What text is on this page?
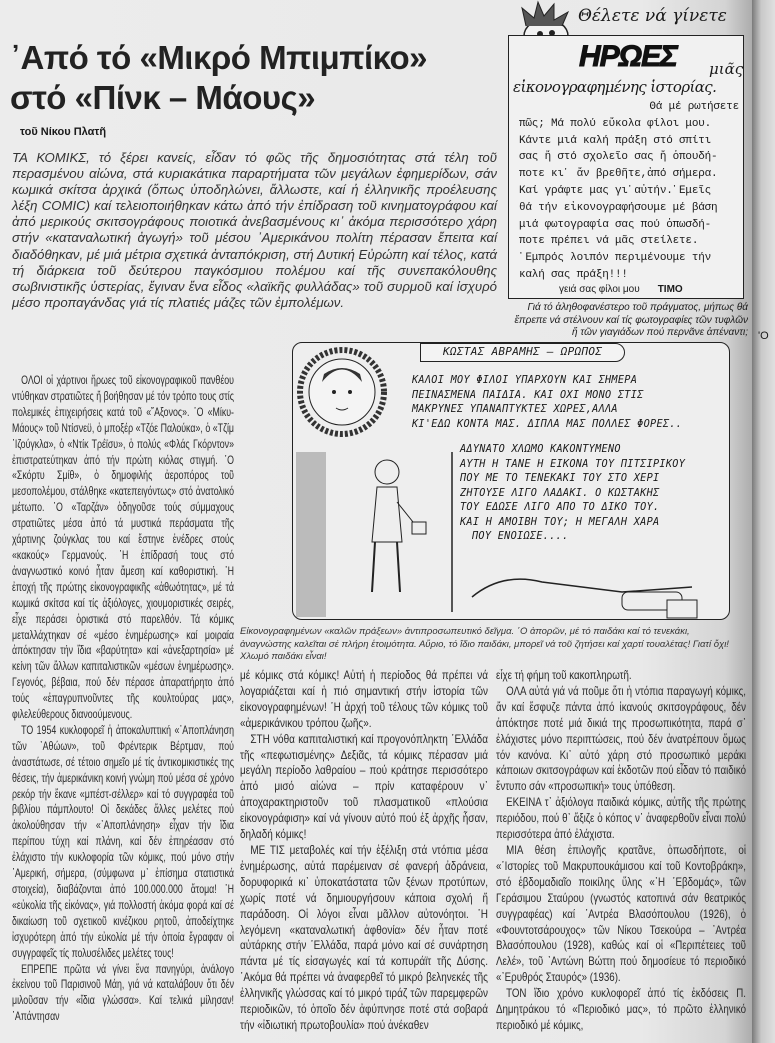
᾿Από τό «Μικρό Μπιμπίκο»
στό «Πίνκ – Μάους»
τοῦ Νίκου Πλατῆ
ΤΑ ΚΟΜΙΚΣ, τό ξέρει κανείς, εἶδαν τό φῶς τῆς δημοσιότητας στά τέλη τοῦ περασμένου αἰώνα, στά κυριακάτικα παραρτήματα τῶν μεγάλων ἐφημερίδων, σάν κωμικά σκίτσα ἀρχικά (ὅπως ὑποδηλώνει, ἄλλωστε, καί ἡ ἐλληνικῆς προέλευσης λέξη COMIC) καί τελειοποιήθηκαν κάτω ἀπό τήν ἐπίδραση τοῦ κινηματογράφου καί ἀπό μερικούς σκιτσογράφους ποιοτικά ἀνεβασμένους κι᾿ ἀκόμα περισσότερο χάρη στήν «καταναλωτική ἀγωγή» τοῦ μέσου ᾿Αμερικάνου πολίτη πέρασαν ἔπειτα καί διαδόθηκαν, μέ μιά μέτρια σχετικά ἀνταπόκριση, στή Δυτική Εὐρώπη καί τέλος, κατά τή διάρκεια τοῦ δεύτερου παγκόσμιου πολέμου καί τῆς συνεπακόλουθης σωβινιστικῆς ὑστερίας, ἔγιναν ἕνα εἶδος «λαϊκῆς φυλλάδας» τοῦ συρμοῦ καί ἰσχυρό μέσο προπαγάνδας γιά τίς πλατιές μάζες τῶν ἐμπολέμων.
Θέλετε νά γίνετε
ΗΡΩΕΣ μιᾶς
εἰκονογραφημένης ἱστορίας.
Θά μέ ρωτήσετε
πῶς; Μά πολύ εὔκολα φίλοι μου.
Κάντε μιά καλή πράξη στό σπίτι
σας ἤ στό σχολεῖο σας ἤ ὁπουδή-
ποτε κι᾿ ἄν βρεθῆτε,ἀπό σήμερα.
Καί γράφτε μας γι᾿αὐτήν.᾿Εμεῖς
θά τήν εἰκονογραφήσουμε μέ βάση
μιά φωτογραφία σας πού ὁπωσδή-
ποτε πρέπει νά μᾶς στείλετε.
᾿Εμπρός λοιπόν περιμένουμε τήν
καλή σας πράξη!!!
γειά σας φίλοι μου TIMO
Γιά τό ἀληθοφανέστερο τοῦ πράγματος, μήπως θά ἔπρεπε νά στέλνουν καί τίς φωτογραφίες τῶν τυφλῶν ἤ τῶν γιαγιάδων πού περνᾶνε ἀπέναντι;
ΚΩΣΤΑΣ ΑΒΡΑΜΗΣ – ΩΡΩΠΟΣ
ΚΑΛΟΙ ΜΟΥ ΦΙΛΟΙ ΥΠΑΡΧΟΥΝ ΚΑΙ ΣΗΜΕΡΑ
ΠΕΙΝΑΣΜΕΝΑ ΠΑΙΔΙΑ. ΚΑΙ ΟΧΙ ΜΟΝΟ ΣΤΙΣ
ΜΑΚΡΥΝΕΣ ΥΠΑΝΑΠΤΥΚΤΕΣ ΧΩΡΕΣ,ΑΛΛΑ
ΚΙ'ΕΔΩ ΚΟΝΤΑ ΜΑΣ. ΔΙΠΛΑ ΜΑΣ ΠΟΛΛΕΣ ΦΟΡΕΣ..
ΑΔΥΝΑΤΟ ΧΛΩΜΟ ΚΑΚΟΝΤΥΜΕΝΟ
ΑΥΤΗ Η ΤΑΝΕ Η ΕΙΚΟΝΑ ΤΟΥ ΠΙΤΣΙΡΙΚΟΥ
ΠΟΥ ΜΕ ΤΟ ΤΕΝΕΚΑΚΙ ΤΟΥ ΣΤΟ ΧΕΡΙ
ΖΗΤΟΥΣΕ ΛΙΓΟ ΛΑΔΑΚΙ. Ο ΚΩΣΤΑΚΗΣ
ΤΟΥ ΕΔΩΣΕ ΛΙΓΟ ΑΠΟ ΤΟ ΔΙΚΟ ΤΟΥ.
ΚΑΙ Η ΑΜΟΙΒΗ ΤΟΥ; Η ΜΕΓΑΛΗ ΧΑΡΑ
ΠΟΥ ΕΝΟΙΩΣΕ....
Εἰκονογραφημένων «καλῶν πράξεων» ἀντιπροσωπευτικό δεῖγμα. ῾Ο ἀπορῶν, μέ τό παιδάκι καί τό τενεκάκι, ἀναγνώστης καλεῖται σέ πλήρη ἑτοιμότητα. Αὔριο, τό ἴδιο παιδάκι, μπορεῖ νά τοῦ ζητήσει καί χαρτί τουαλέτας! Γιατί ὄχι! Χλωμό παιδάκι εἶναι!

ΟΛΟΙ οἱ χάρτινοι ἥρωες τοῦ εἰκονογραφικοῦ πανθέου ντύθηκαν στρατιῶτες ἤ βοήθησαν μέ τόν τρόπο τους στίς πολεμικές ἐπιχειρήσεις κατά τοῦ «῎Αξονος». ῾Ο «Μίκυ-Μάους» τοῦ Ντίσνεϋ, ὁ μποξέρ «Τζόε Παλούκα», ὁ «Τζίμ ᾿Ιζούγκλα», ὁ «Ντίκ Τρέϊσυ», ὁ πολύς «Φλάς Γκόρντον» ἐπιστρατεύτηκαν ἀπό τήν πρώτη κιόλας στιγμή. ῾Ο «Σκόρτυ Σμίθ», ὁ δημοφιλής ἀεροπόρος τοῦ μεσοπολέμου, στάλθηκε «κατεπειγόντως» στό ἀνατολικό μέτωπο. ῾Ο «Ταρζάν» ὁδηγοῦσε τούς σύμμαχους στρατιῶτες μέσα ἀπό τά μυστικά περάσματα τῆς χάρτινης ζούγκλας του καί ἔστηνε ἐνέδρες στούς «κακούς» Γερμανούς. ῾Η ἐπίδρασή τους στό ἀναγνωστικό κοινό ἦταν ἄμεση καί καθοριστική. ῾Η ἐποχή τῆς πρώτης εἰκονογραφικῆς «ἀθωότητας», μέ τά κωμικά σκίτσα καί τίς ἀξιόλογες, χιουμοριστικές σειρές, εἶχε περάσει ὁριστικά στό παρελθόν. Τά κόμικς μεταλλάχτηκαν σέ «μέσο ἐνημέρωσης» καί μοιραία ἀπόκτησαν τήν ἴδια «βαρύτητα» καί «ἀνεξαρτησία» μέ κείνη τῶν ἄλλων καπιταλιστικῶν «μέσων ἐνημέρωσης». Γεγονός, βέβαια, πού δέν πέρασε ἀπαρατήρητο ἀπό τούς «ἐπαγρυπνοῦντες τῆς κουλτούρας μας», φιλελεύθερους διανοούμενους.

ΤΟ 1954 κυκλοφορεῖ ἡ ἀποκαλυπτική «᾿Αποπλάνηση τῶν ᾿Αθώων», τοῦ Φρέντερικ Βέρτμαν, πού ἀναστάτωσε, σέ τέτοιο σημεῖο μέ τίς ἀντικομικιστικές της θέσεις, τήν ἀμερικάνικη κοινή γνώμη πού μέσα σέ χρόνο ρεκόρ τήν ἔκανε «μπέστ-σέλλερ» καί τό συγγραφέα τοῦ βιβλίου πάμπλουτο! Οἱ δεκάδες ἄλλες μελέτες πού ἀκολούθησαν τήν «᾿Αποπλάνηση» εἶχαν τήν ἴδια περίπου τύχη καί πλάνη, καί δέν ἐπηρέασαν στό ἐλάχιστο τήν κυκλοφορία τῶν κόμικς, πού μόνο στήν ᾿Αμερική, σήμερα, (σύμφωνα μ᾿ ἐπίσημα στατιστικά στοιχεία), διαβάζονται ἀπό 100.000.000 ἄτομα! ῾Η «εὐκολία τῆς εἰκόνας», γιά πολλοστή ἀκόμα φορά καί σέ δικαίωση τοῦ σχετικοῦ κινέζικου ρητοῦ, ἀποδείχτηκε ἰσχυρότερη ἀπό τήν εὐκολία μέ τήν ὁποία ἔγραφαν οἱ συγγραφεῖς τίς πολυσέλιδες μελέτες τους!

ΕΠΡΕΠΕ πρῶτα νά γίνει ἕνα πανηγύρι, ἀνάλογο ἐκείνου τοῦ Παρισινοῦ Μάη, γιά νά καταλάβουν ὅτι δέν μιλοῦσαν τήν «ἴδια γλώσσα». Καί τελικά μίλησαν! ᾿Απάντησαν

μέ κόμικς στά κόμικς! Αὐτή ἡ περίοδος θά πρέπει νά λογαριάζεται καί ἡ πιό σημαντική στήν ἱστορία τῶν εἰκονογραφημένων! ῾Η ἀρχή τοῦ τέλους τῶν κόμικς τοῦ «ἀμερικάνικου τρόπου ζωῆς».

ΣΤΗ νόθα καπιταλιστική καί προγονόπληκτη ῾Ελλάδα τῆς «πεφωτισμένης» Δεξιᾶς, τά κόμικς πέρασαν μιά μεγάλη περίοδο λαθραίου – πού κράτησε περισσότερο ἀπό μισό αἰώνα – πρίν καταφέρουν ν᾿ ἀποχαρακτηριστοῦν τοῦ πλασματικοῦ «πλούσια εἰκονογράφιση» καί νά γίνουν αὐτό πού ἐξ ἀρχῆς ἦσαν, δηλαδή κόμικς!

ΜΕ ΤΙΣ μεταβολές καί τήν ἐξέλιξη στά ντόπια μέσα ἐνημέρωσης, αὐτά παρέμειναν σέ φανερή ἀδράνεια, δορυφορικά κι᾿ ὑποκατάστατα τῶν ξένων προτύπων, χωρίς ποτέ νά δημιουργήσουν κάποια σχολή ἤ παράδοση. Οἱ λόγοι εἶναι μᾶλλον αὐτονόητοι. ῾Η λεγόμενη «καταναλωτική ἀφθονία» δέν ἦταν ποτέ αὐτάρκης στήν ῾Ελλάδα, παρά μόνο καί σέ συνάρτηση πάντα μέ τίς εἰσαγωγές καί τά κοπυράϊτ τῆς Δύσης. ᾿Ακόμα θά πρέπει νά ἀναφερθεῖ τό μικρό βεληνεκές τῆς ἑλληνικῆς γλώσσας καί τό μικρό τιράζ τῶν παρεμφερῶν περιοδικῶν, τό ὁποῖο δέν ἀφύπνησε ποτέ στά σοβαρά τήν «ἰδιωτική πρωτοβουλία» πού ἀνέκαθεν

εἶχε τή φήμη τοῦ κακοπληρωτῆ.

ΟΛΑ αὐτά γιά νά ποῦμε ὅτι ἡ ντόπια παραγωγή κόμικς, ἄν καί ἔσφυζε πάντα ἀπό ἱκανούς σκιτσογράφους, δέν ἀπόκτησε ποτέ μιά δικιά της προσωπικότητα, παρά σ᾿ ἐλάχιστες μόνο περιπτώσεις, πού δέν ἀνατρέπουν ὅμως τόν κανόνα. Κι᾿ αὐτό χάρη στό προσωπικό μεράκι κάποιων σκιτσογράφων καί ἐκδοτῶν πού εἶδαν τό παιδικό ἔντυπο σάν «προσωπική» τους ὑπόθεση.

ΕΚΕΙΝΑ τ᾿ ἀξιόλογα παιδικά κόμικς, αὐτῆς τῆς πρώτης περιόδου, πού θ᾿ ἄξιζε ὁ κόπος ν᾿ ἀναφερθοῦν εἶναι πολύ περισσότερα ἀπό ἐλάχιστα.

ΜΙΑ θέση ἐπιλογῆς κρατᾶνε, ὁπωσδήποτε, οἱ «῾Ιστορίες τοῦ Μακρυπουκάμισου καί τοῦ Κοντοβράκη», στό ἑβδομαδιαῖο ποικίλης ὕλης «῾Η ῾Εβδομάς», τῶν Γεράσιμου Σταύρου (γνωστός κατοπινά σάν θεατρικός συγγραφέας) καί ᾿Αντρέα Βλασόπουλου (1926), ὁ «Φουντοτσάρουχος» τῶν Νίκου Τσεκούρα – ᾿Αντρέα Βλασόπουλου (1928), καθώς καί οἱ «Περιπέτειες τοῦ Λελέ», τοῦ ᾿Αντώνη Βώττη πού δημοσίευε τό περιοδικό «᾿Ερυθρός Σταυρός» (1936).

ΤΟΝ ἴδιο χρόνο κυκλοφορεῖ ἀπό τίς ἐκδόσεις Π. Δημητράκου τό «Περιοδικό μας», τό πρῶτο ἑλληνικό περιοδικό μέ κόμικς,

'Ο
